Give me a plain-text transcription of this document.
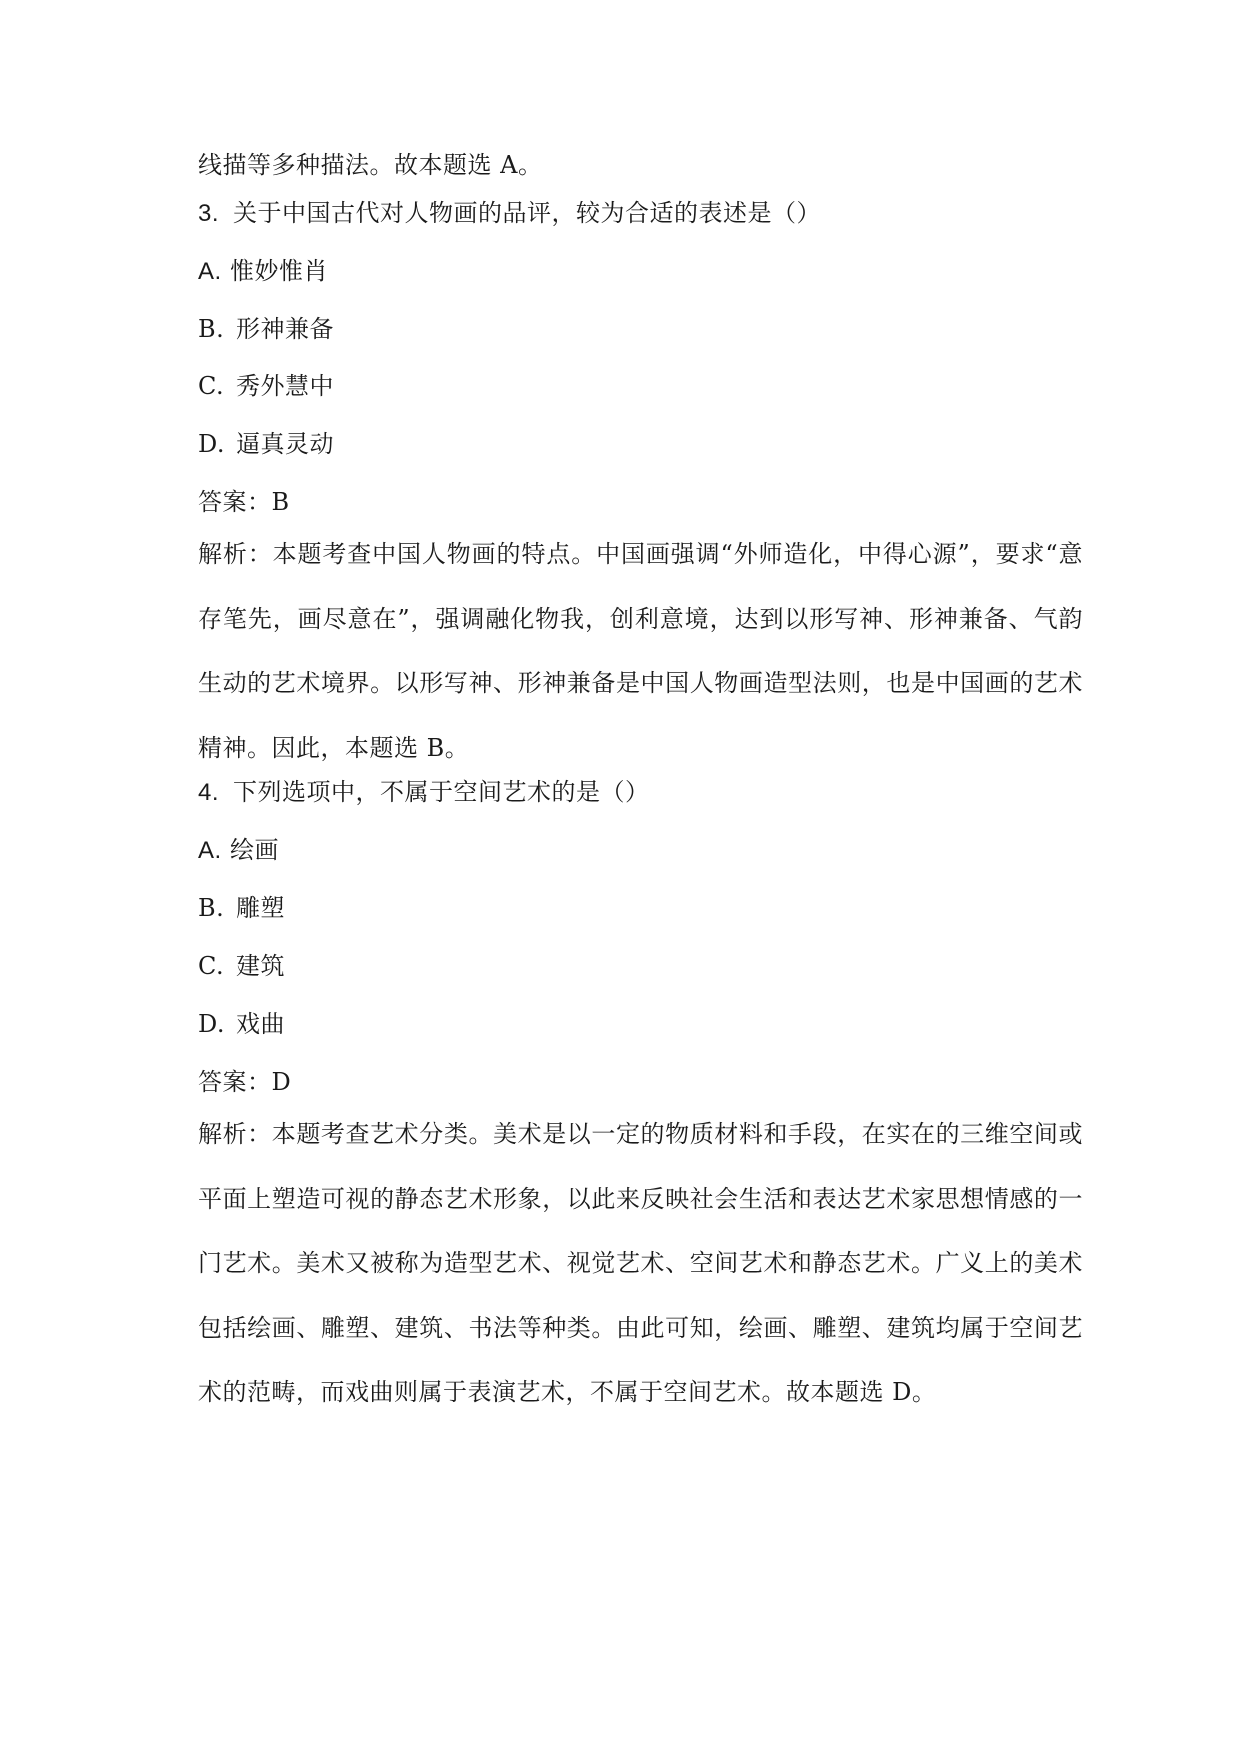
线描等多种描法。故本题选 A。
3. 关于中国古代对人物画的品评，较为合适的表述是（）
A. 惟妙惟肖
B. 形神兼备
C. 秀外慧中
D. 逼真灵动
答案：B
解析：本题考查中国人物画的特点。中国画强调“外师造化，中得心源”，要求“意存笔先，画尽意在”，强调融化物我，创利意境，达到以形写神、形神兼备、气韵生动的艺术境界。以形写神、形神兼备是中国人物画造型法则，也是中国画的艺术精神。因此，本题选 B。
4. 下列选项中，不属于空间艺术的是（）
A. 绘画
B. 雕塑
C. 建筑
D. 戏曲
答案：D
解析：本题考查艺术分类。美术是以一定的物质材料和手段，在实在的三维空间或平面上塑造可视的静态艺术形象，以此来反映社会生活和表达艺术家思想情感的一门艺术。美术又被称为造型艺术、视觉艺术、空间艺术和静态艺术。广义上的美术包括绘画、雕塑、建筑、书法等种类。由此可知，绘画、雕塑、建筑均属于空间艺术的范畴，而戏曲则属于表演艺术，不属于空间艺术。故本题选 D。
